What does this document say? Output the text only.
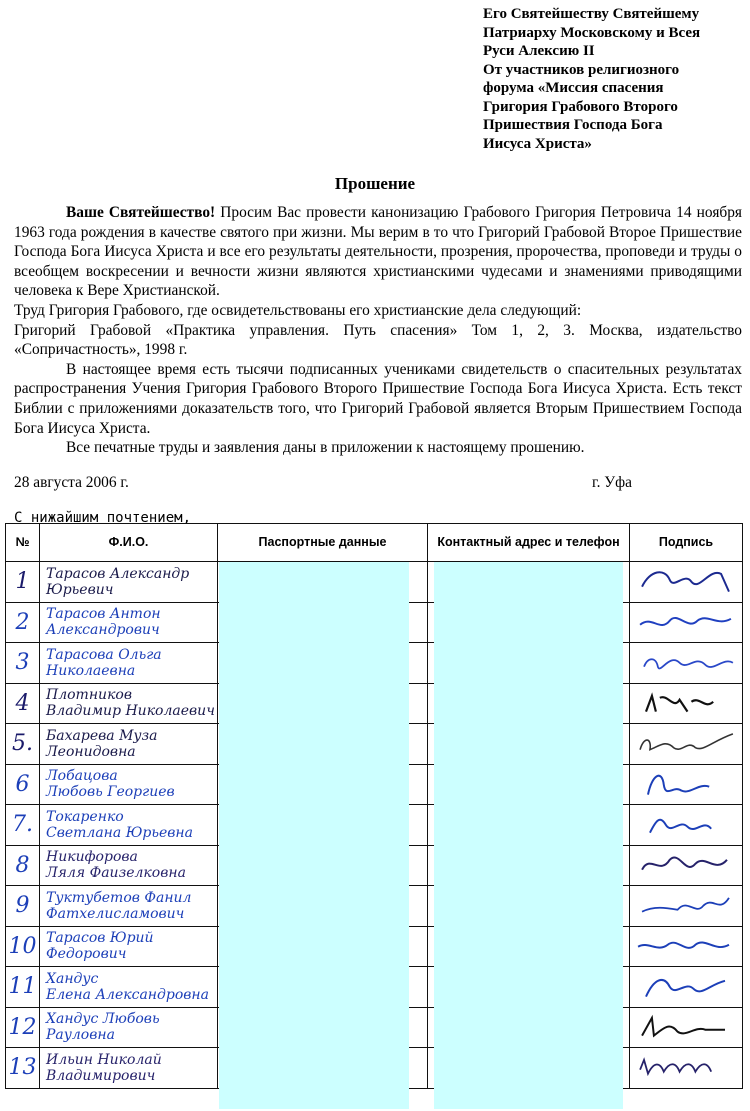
Его Святейшеству Святейшему
Патриарху Московскому и Всея
Руси Алексию II
От участников религиозного
форума «Миссия спасения
Григория Грабового Второго
Пришествия Господа Бога
Иисуса Христа»
Прошение

Ваше Святейшество! Просим Вас провести канонизацию Грабового Григория Петровича 14 ноября 1963 года рождения в качестве святого при жизни. Мы верим в то что Григорий Грабовой Второе Пришествие Господа Бога Иисуса Христа и все его результаты деятельности, прозрения, пророчества, проповеди и труды о всеобщем воскресении и вечности жизни являются христианскими чудесами и знамениями приводящими человека к Вере Христианской.

Труд Григория Грабового, где освидетельствованы его христианские дела следующий:

Григорий Грабовой «Практика управления. Путь спасения» Том 1, 2, 3. Москва, издательство «Сопричастность», 1998 г.

В настоящее время есть тысячи подписанных учениками свидетельств о спасительных результатах распространения Учения Григория Грабового Второго Пришествие Господа Бога Иисуса Христа. Есть текст Библии с приложениями доказательств того, что Григорий Грабовой является Вторым Пришествием Господа Бога Иисуса Христа.

Все печатные труды и заявления даны в приложении к настоящему прошению.

28 августа 2006 г.	г. Уфа
С нижайшим почтением,
№	Ф.И.О.	Паспортные данные	Контактный адрес и телефон	Подпись
1	Тарасов Александр
Юрьевич

2	Тарасов Антон
Александрович

3	Тарасова Ольга
Николаевна

4	Плотников
Владимир Николаевич

5.	Бахарева Муза
Леонидовна

6	Лобацова
Любовь Георгиев

7.	Токаренко
Светлана Юрьевна

8	Никифорова
Ляля Фаизелковна

9	Туктубетов Фанил
Фатхелисламович

10	Тарасов Юрий
Федорович

11	Хандус
Елена Александровна

12	Хандус Любовь
Рауловна

13	Ильин Николай
Владимирович
